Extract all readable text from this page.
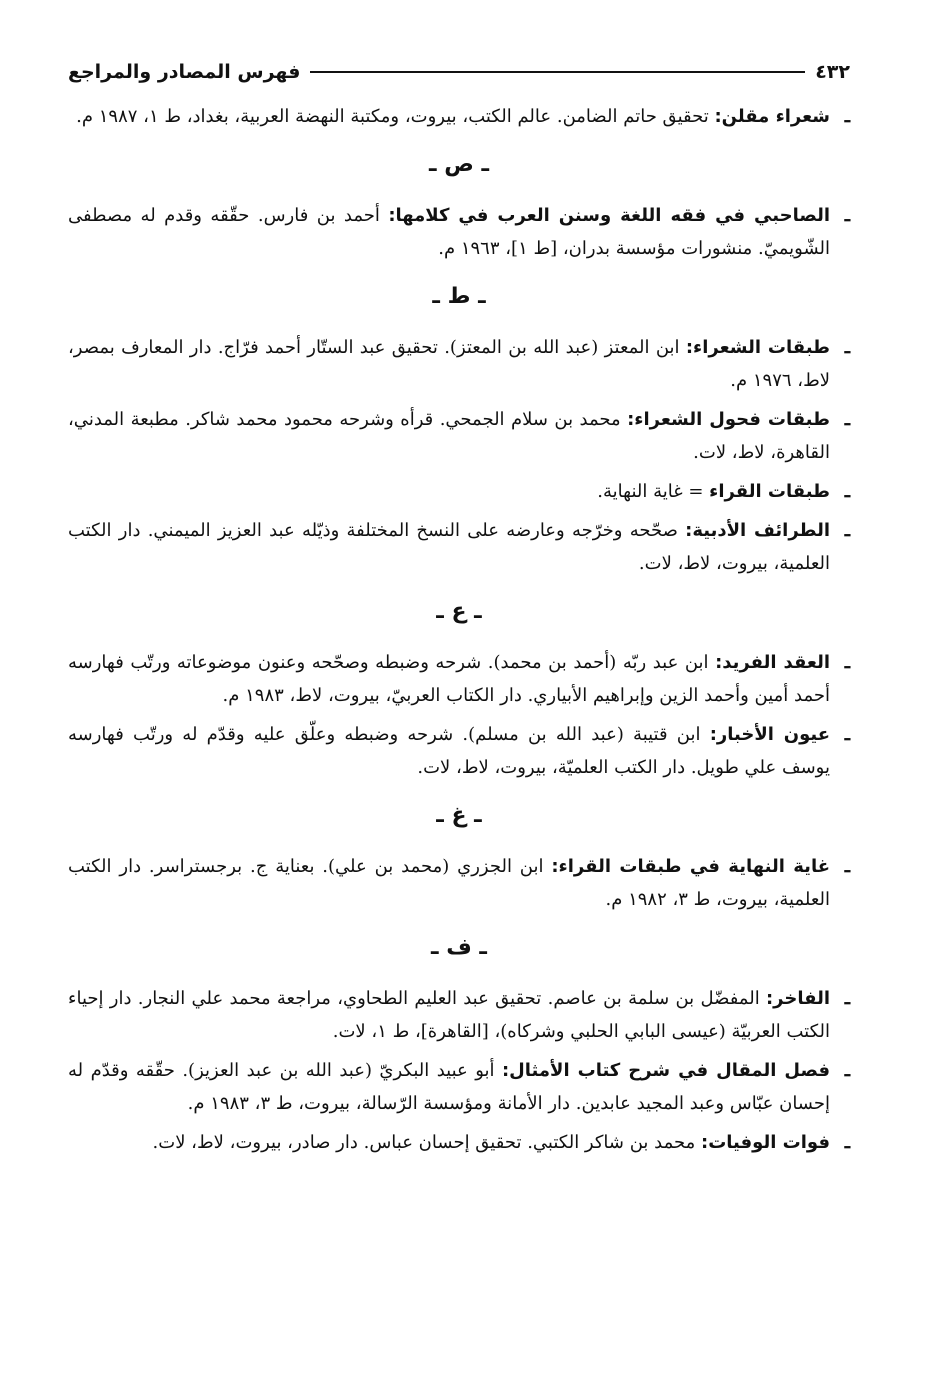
٤٣٢
فهرس المصادر والمراجع
ـ
شعراء مقلن: تحقيق حاتم الضامن. عالم الكتب، بيروت، ومكتبة النهضة العربية، بغداد، ط ١، ١٩٨٧ م.
ـ ص ـ
ـ
الصاحبي في فقه اللغة وسنن العرب في كلامها: أحمد بن فارس. حقّقه وقدم له مصطفى الشّويميّ. منشورات مؤسسة بدران، [ط ١]، ١٩٦٣ م.
ـ ط ـ
ـ
طبقات الشعراء: ابن المعتز (عبد الله بن المعتز). تحقيق عبد الستّار أحمد فرّاج. دار المعارف بمصر، لاط، ١٩٧٦ م.
ـ
طبقات فحول الشعراء: محمد بن سلام الجمحي. قرأه وشرحه محمود محمد شاكر. مطبعة المدني، القاهرة، لاط، لات.
ـ
طبقات القراء = غاية النهاية.
ـ
الطرائف الأدبية: صحّحه وخرّجه وعارضه على النسخ المختلفة وذيّله عبد العزيز الميمني. دار الكتب العلمية، بيروت، لاط، لات.
ـ ع ـ
ـ
العقد الفريد: ابن عبد ربّه (أحمد بن محمد). شرحه وضبطه وصحّحه وعنون موضوعاته ورتّب فهارسه أحمد أمين وأحمد الزين وإبراهيم الأبياري. دار الكتاب العربيّ، بيروت، لاط، ١٩٨٣ م.
ـ
عيون الأخبار: ابن قتيبة (عبد الله بن مسلم). شرحه وضبطه وعلّق عليه وقدّم له ورتّب فهارسه يوسف علي طويل. دار الكتب العلميّة، بيروت، لاط، لات.
ـ غ ـ
ـ
غاية النهاية في طبقات القراء: ابن الجزري (محمد بن علي). بعناية ج. برجستراسر. دار الكتب العلمية، بيروت، ط ٣، ١٩٨٢ م.
ـ ف ـ
ـ
الفاخر: المفضّل بن سلمة بن عاصم. تحقيق عبد العليم الطحاوي، مراجعة محمد علي النجار. دار إحياء الكتب العربيّة (عيسى البابي الحلبي وشركاه)، [القاهرة]، ط ١، لات.
ـ
فصل المقال في شرح كتاب الأمثال: أبو عبيد البكريّ (عبد الله بن عبد العزيز). حقّقه وقدّم له إحسان عبّاس وعبد المجيد عابدين. دار الأمانة ومؤسسة الرّسالة، بيروت، ط ٣، ١٩٨٣ م.
ـ
فوات الوفيات: محمد بن شاكر الكتبي. تحقيق إحسان عباس. دار صادر، بيروت، لاط، لات.
